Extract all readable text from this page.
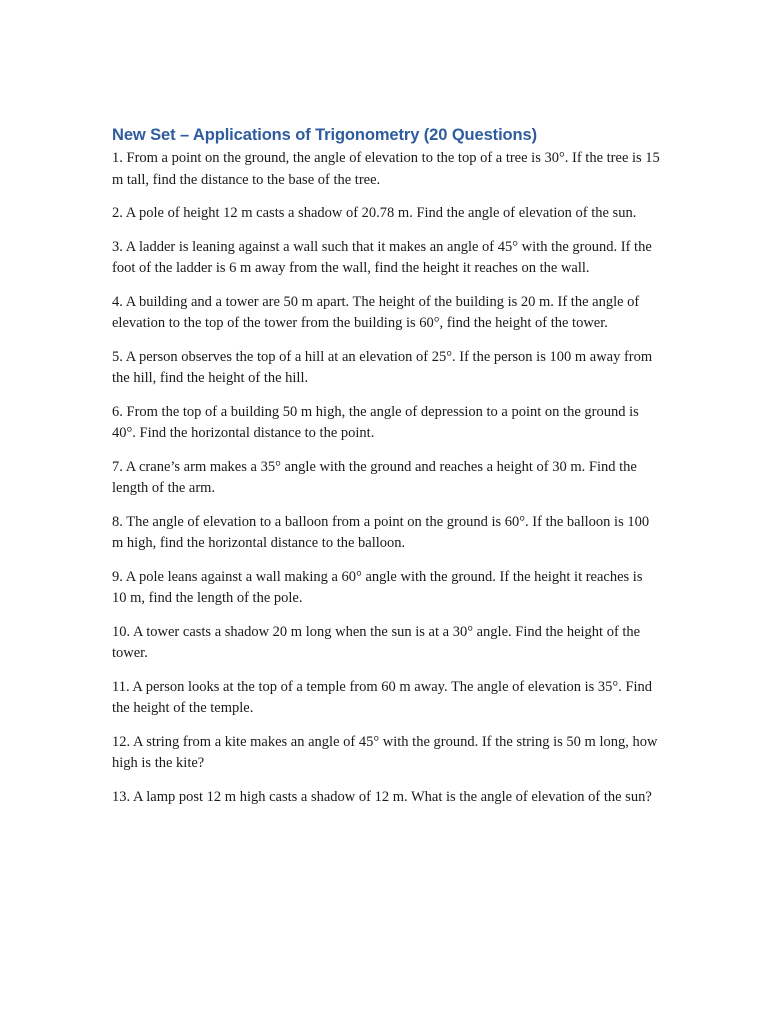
New Set – Applications of Trigonometry (20 Questions)

1. From a point on the ground, the angle of elevation to the top of a tree is 30°. If the tree is 15 m tall, find the distance to the base of the tree.

2. A pole of height 12 m casts a shadow of 20.78 m. Find the angle of elevation of the sun.

3. A ladder is leaning against a wall such that it makes an angle of 45° with the ground. If the foot of the ladder is 6 m away from the wall, find the height it reaches on the wall.

4. A building and a tower are 50 m apart. The height of the building is 20 m. If the angle of elevation to the top of the tower from the building is 60°, find the height of the tower.

5. A person observes the top of a hill at an elevation of 25°. If the person is 100 m away from the hill, find the height of the hill.

6. From the top of a building 50 m high, the angle of depression to a point on the ground is 40°. Find the horizontal distance to the point.

7. A crane’s arm makes a 35° angle with the ground and reaches a height of 30 m. Find the length of the arm.

8. The angle of elevation to a balloon from a point on the ground is 60°. If the balloon is 100 m high, find the horizontal distance to the balloon.

9. A pole leans against a wall making a 60° angle with the ground. If the height it reaches is 10 m, find the length of the pole.

10. A tower casts a shadow 20 m long when the sun is at a 30° angle. Find the height of the tower.

11. A person looks at the top of a temple from 60 m away. The angle of elevation is 35°. Find the height of the temple.

12. A string from a kite makes an angle of 45° with the ground. If the string is 50 m long, how high is the kite?

13. A lamp post 12 m high casts a shadow of 12 m. What is the angle of elevation of the sun?
